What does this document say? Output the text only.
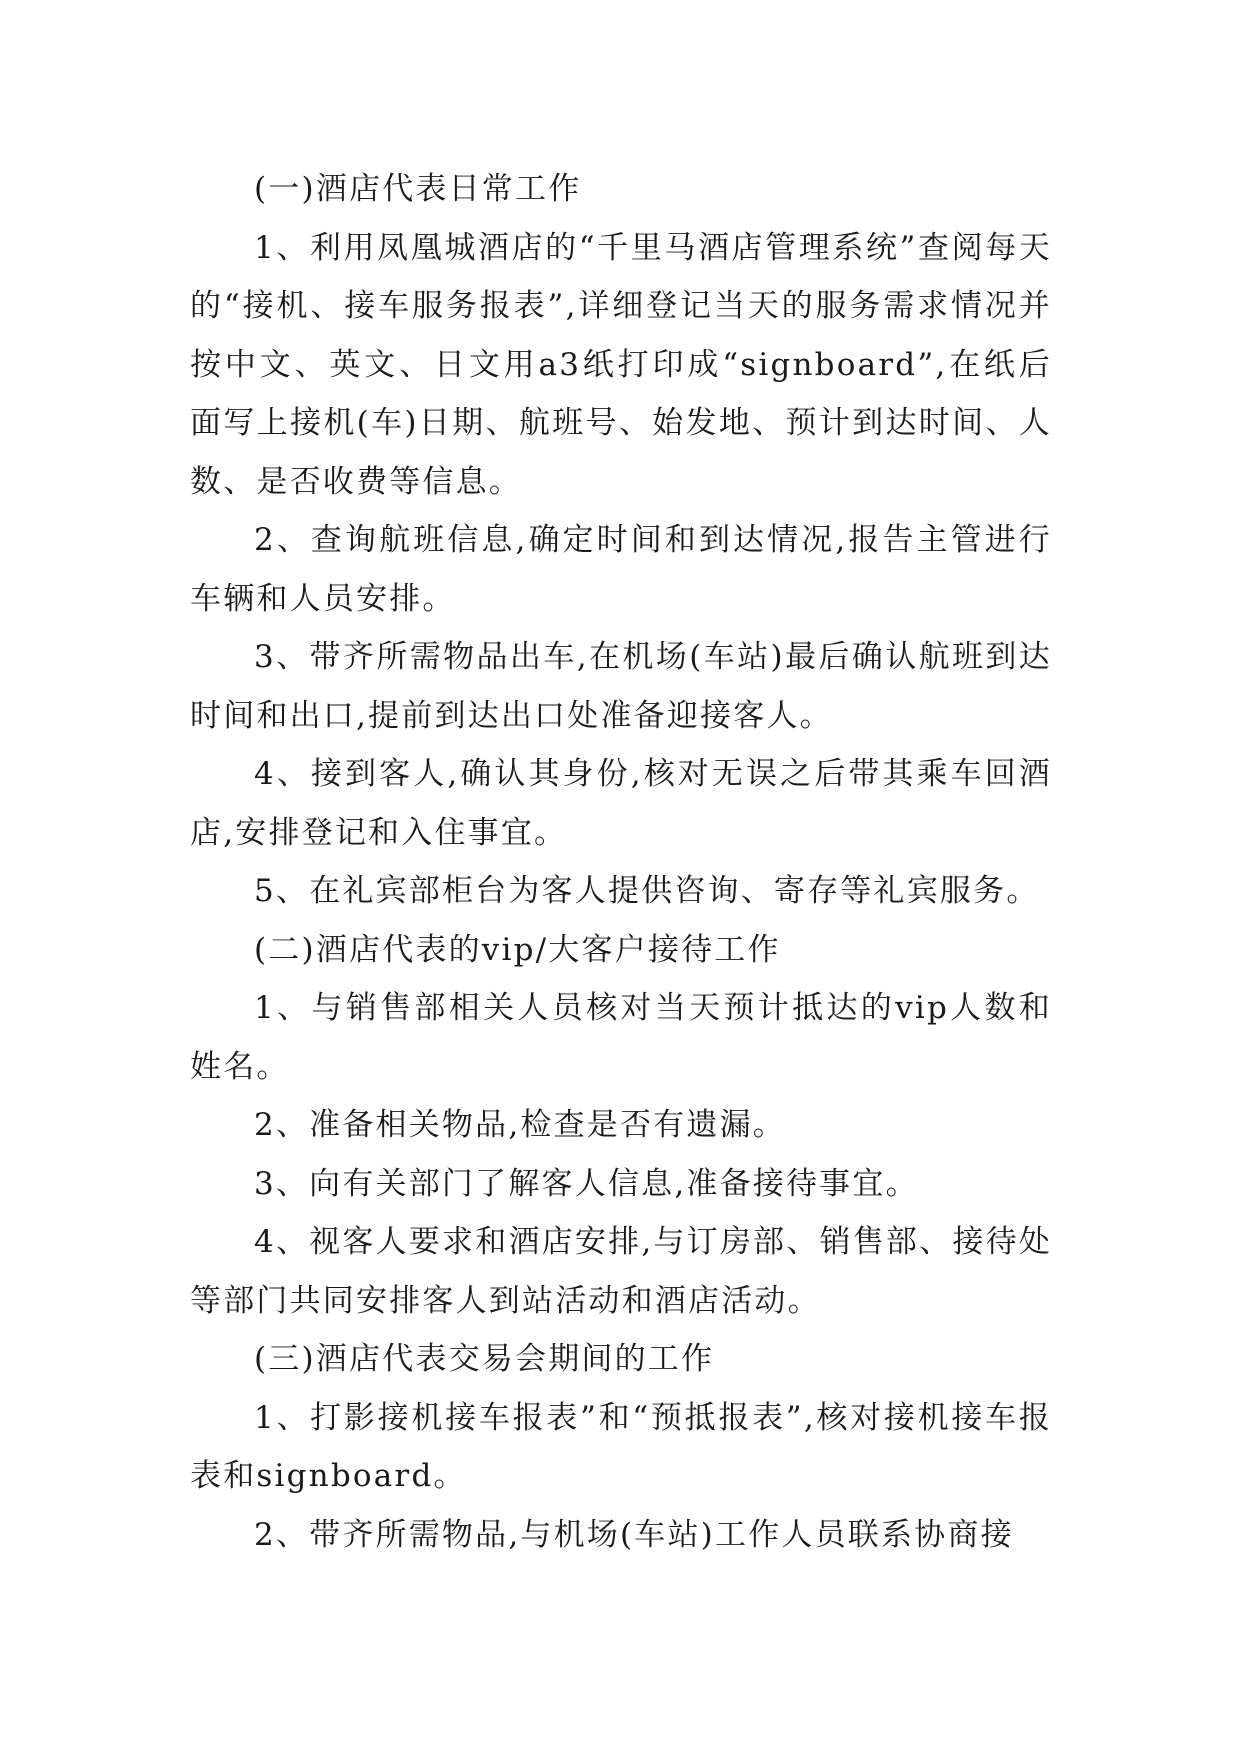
(一)酒店代表日常工作

1、利用凤凰城酒店的“千里马酒店管理系统”查阅每天的“接机、接车服务报表”,详细登记当天的服务需求情况并按中文、英文、日文用a3纸打印成“signboard”,在纸后面写上接机(车)日期、航班号、始发地、预计到达时间、人数、是否收费等信息。

2、查询航班信息,确定时间和到达情况,报告主管进行车辆和人员安排。

3、带齐所需物品出车,在机场(车站)最后确认航班到达时间和出口,提前到达出口处准备迎接客人。

4、接到客人,确认其身份,核对无误之后带其乘车回酒店,安排登记和入住事宜。

5、在礼宾部柜台为客人提供咨询、寄存等礼宾服务。

(二)酒店代表的vip/大客户接待工作

1、与销售部相关人员核对当天预计抵达的vip人数和姓名。

2、准备相关物品,检查是否有遗漏。

3、向有关部门了解客人信息,准备接待事宜。

4、视客人要求和酒店安排,与订房部、销售部、接待处等部门共同安排客人到站活动和酒店活动。

(三)酒店代表交易会期间的工作

1、打影接机接车报表”和“预抵报表”,核对接机接车报表和signboard。

2、带齐所需物品,与机场(车站)工作人员联系协商接
